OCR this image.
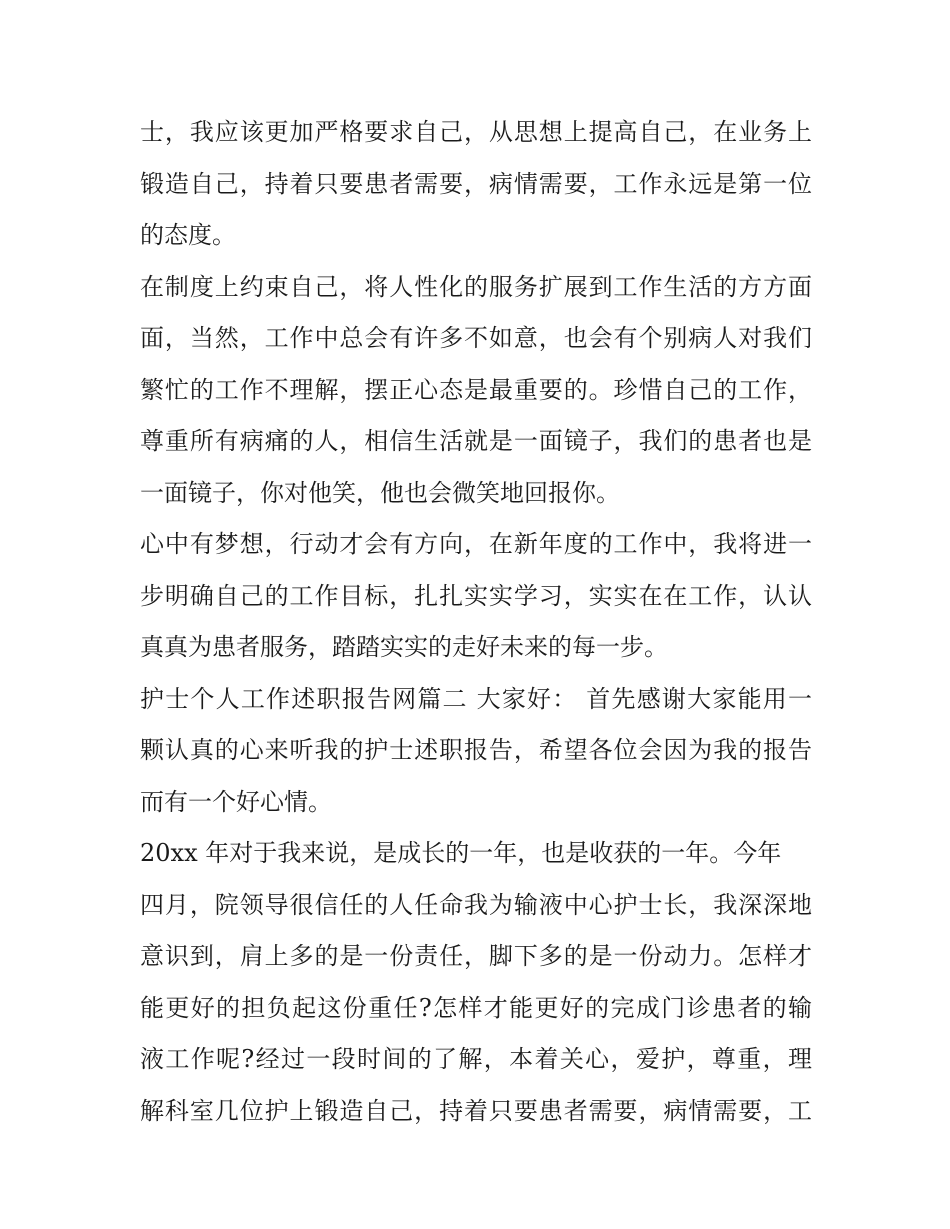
士，我应该更加严格要求自己，从思想上提高自己，在业务上
锻造自己，持着只要患者需要，病情需要，工作永远是第一位
的态度。
在制度上约束自己，将人性化的服务扩展到工作生活的方方面
面，当然，工作中总会有许多不如意，也会有个别病人对我们
繁忙的工作不理解，摆正心态是最重要的。珍惜自己的工作，
尊重所有病痛的人，相信生活就是一面镜子，我们的患者也是
一面镜子，你对他笑，他也会微笑地回报你。
心中有梦想，行动才会有方向，在新年度的工作中，我将进一
步明确自己的工作目标，扎扎实实学习，实实在在工作，认认
真真为患者服务，踏踏实实的走好未来的每一步。
护士个人工作述职报告网篇二 大家好： 首先感谢大家能用一
颗认真的心来听我的护士述职报告，希望各位会因为我的报告
而有一个好心情。
20xx 年对于我来说，是成长的一年，也是收获的一年。今年
四月，院领导很信任的人任命我为输液中心护士长，我深深地
意识到，肩上多的是一份责任，脚下多的是一份动力。怎样才
能更好的担负起这份重任?怎样才能更好的完成门诊患者的输
液工作呢?经过一段时间的了解，本着关心，爱护，尊重，理
解科室几位护上锻造自己，持着只要患者需要，病情需要，工
